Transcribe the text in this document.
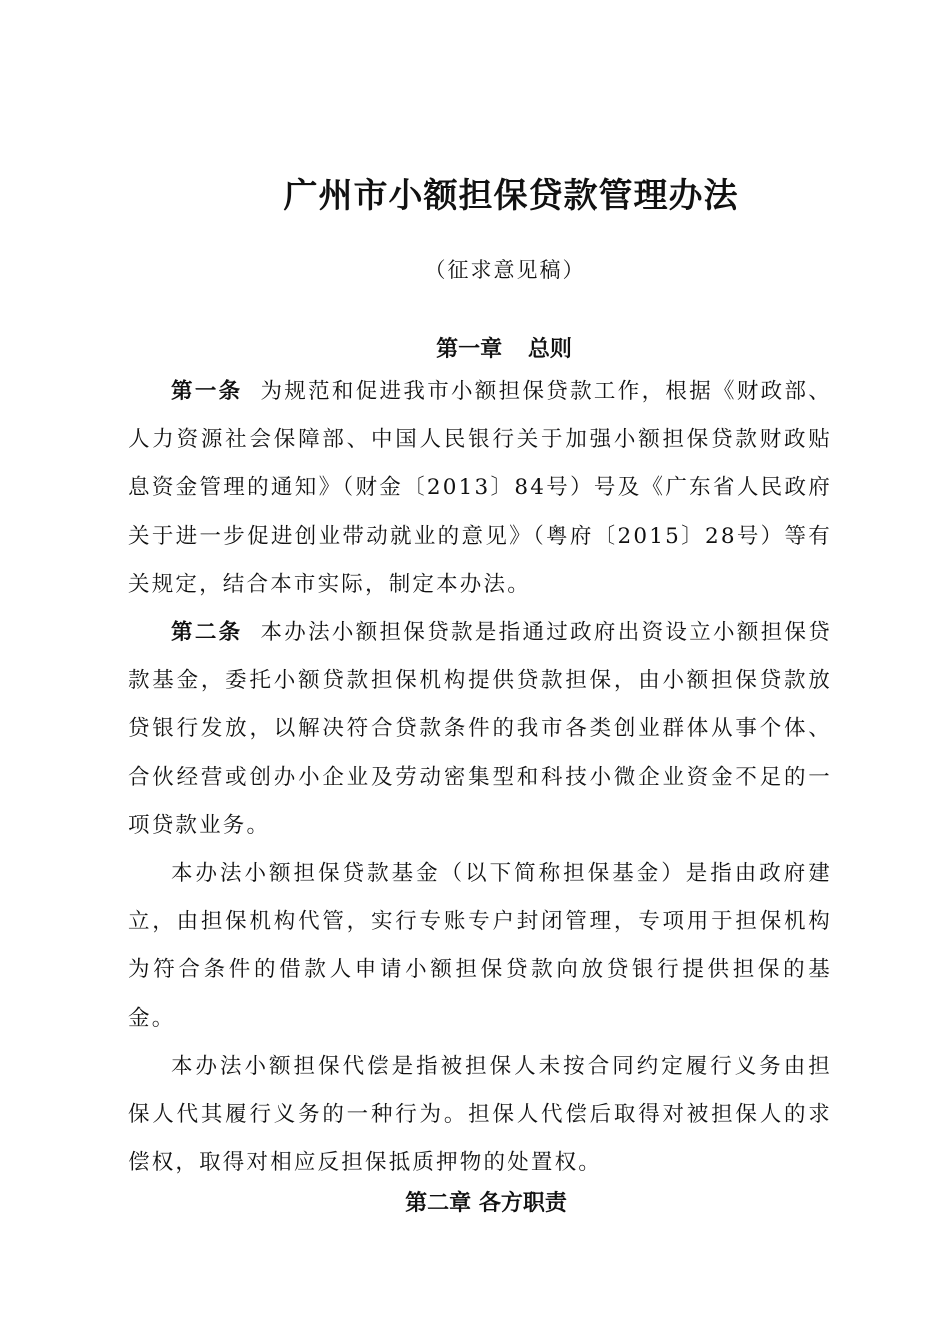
广州市小额担保贷款管理办法
（征求意见稿）
第一章 总则

第一条 为规范和促进我市小额担保贷款工作，根据《财政部、人力资源社会保障部、中国人民银行关于加强小额担保贷款财政贴息资金管理的通知》（财金〔2013〕84号）号及《广东省人民政府关于进一步促进创业带动就业的意见》（粤府〔2015〕28号）等有关规定，结合本市实际，制定本办法。

第二条 本办法小额担保贷款是指通过政府出资设立小额担保贷款基金，委托小额贷款担保机构提供贷款担保，由小额担保贷款放贷银行发放，以解决符合贷款条件的我市各类创业群体从事个体、合伙经营或创办小企业及劳动密集型和科技小微企业资金不足的一项贷款业务。

本办法小额担保贷款基金（以下简称担保基金）是指由政府建立，由担保机构代管，实行专账专户封闭管理，专项用于担保机构为符合条件的借款人申请小额担保贷款向放贷银行提供担保的基金。

本办法小额担保代偿是指被担保人未按合同约定履行义务由担保人代其履行义务的一种行为。担保人代偿后取得对被担保人的求偿权，取得对相应反担保抵质押物的处置权。

第二章 各方职责
